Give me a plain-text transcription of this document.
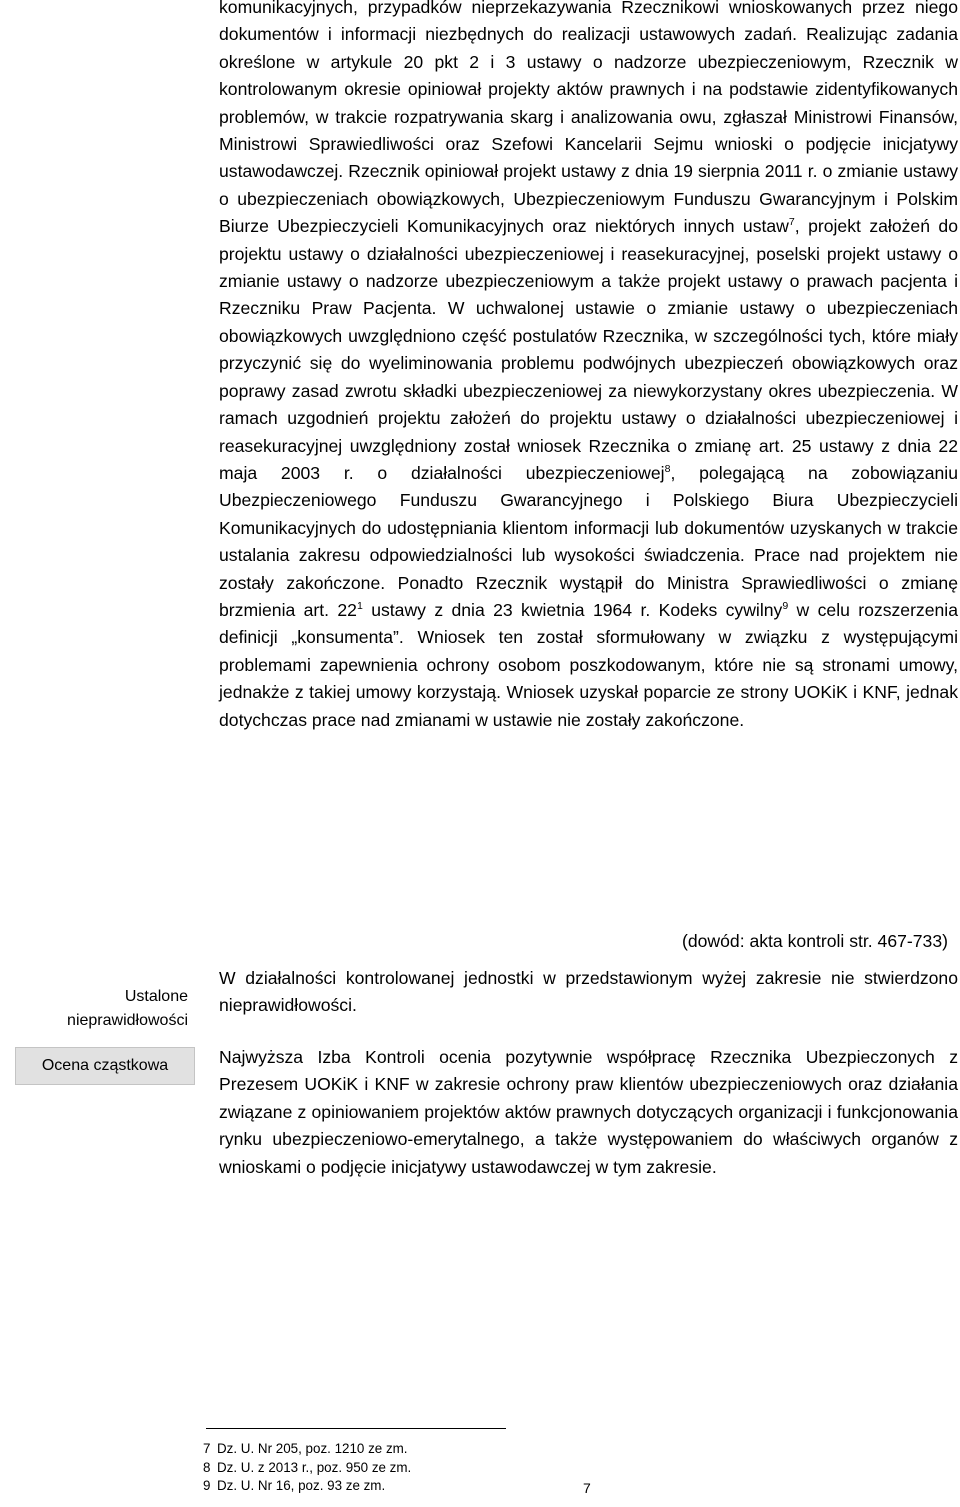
komunikacyjnych, przypadków nieprzekazywania Rzecznikowi wnioskowanych przez niego dokumentów i informacji niezbędnych do realizacji ustawowych zadań. Realizując zadania określone w artykule 20 pkt 2 i 3 ustawy o nadzorze ubezpieczeniowym, Rzecznik w kontrolowanym okresie opiniował projekty aktów prawnych i na podstawie zidentyfikowanych problemów, w trakcie rozpatrywania skarg i analizowania owu, zgłaszał Ministrowi Finansów, Ministrowi Sprawiedliwości oraz Szefowi Kancelarii Sejmu wnioski o podjęcie inicjatywy ustawodawczej. Rzecznik opiniował projekt ustawy z dnia 19 sierpnia 2011 r. o zmianie ustawy o ubezpieczeniach obowiązkowych, Ubezpieczeniowym Funduszu Gwarancyjnym i Polskim Biurze Ubezpieczycieli Komunikacyjnych oraz niektórych innych ustaw$^7$, projekt założeń do projektu ustawy o działalności ubezpieczeniowej i reasekuracyjnej, poselski projekt ustawy o zmianie ustawy o nadzorze ubezpieczeniowym a także projekt ustawy o prawach pacjenta i Rzeczniku Praw Pacjenta. W uchwalonej ustawie o zmianie ustawy o ubezpieczeniach obowiązkowych uwzględniono część postulatów Rzecznika, w szczególności tych, które miały przyczynić się do wyeliminowania problemu podwójnych ubezpieczeń obowiązkowych oraz poprawy zasad zwrotu składki ubezpieczeniowej za niewykorzystany okres ubezpieczenia. W ramach uzgodnień projektu założeń do projektu ustawy o działalności ubezpieczeniowej i reasekuracyjnej uwzględniony został wniosek Rzecznika o zmianę art. 25 ustawy z dnia 22 maja 2003 r. o działalności ubezpieczeniowej$^8$, polegającą na zobowiązaniu Ubezpieczeniowego Funduszu Gwarancyjnego i Polskiego Biura Ubezpieczycieli Komunikacyjnych do udostępniania klientom informacji lub dokumentów uzyskanych w trakcie ustalania zakresu odpowiedzialności lub wysokości świadczenia. Prace nad projektem nie zostały zakończone. Ponadto Rzecznik wystąpił do Ministra Sprawiedliwości o zmianę brzmienia art. $22^1$ ustawy z dnia 23 kwietnia 1964 r. Kodeks cywilny$^9$ w celu rozszerzenia definicji „konsumenta”. Wniosek ten został sformułowany w związku z występującymi problemami zapewnienia ochrony osobom poszkodowanym, które nie są stronami umowy, jednakże z takiej umowy korzystają. Wniosek uzyskał poparcie ze strony UOKiK i KNF, jednak dotychczas prace nad zmianami w ustawie nie zostały zakończone.

(dowód: akta kontroli str. 467-733)

Ustalone nieprawidłowości

W działalności kontrolowanej jednostki w przedstawionym wyżej zakresie nie stwierdzono nieprawidłowości.

Ocena cząstkowa	Najwyższa Izba Kontroli ocenia pozytywnie współpracę Rzecznika Ubezpieczonych z Prezesem UOKiK i KNF w zakresie ochrony praw klientów ubezpieczeniowych oraz działania związane z opiniowaniem projektów aktów prawnych dotyczących organizacji i funkcjonowania rynku ubezpieczeniowo-emerytalnego, a także występowaniem do właściwych organów z wnioskami o podjęcie inicjatywy ustawodawczej w tym zakresie.

7 Dz. U. Nr 205, poz. 1210 ze zm.
8 Dz. U. z 2013 r., poz. 950 ze zm.
9 Dz. U. Nr 16, poz. 93 ze zm.	7
